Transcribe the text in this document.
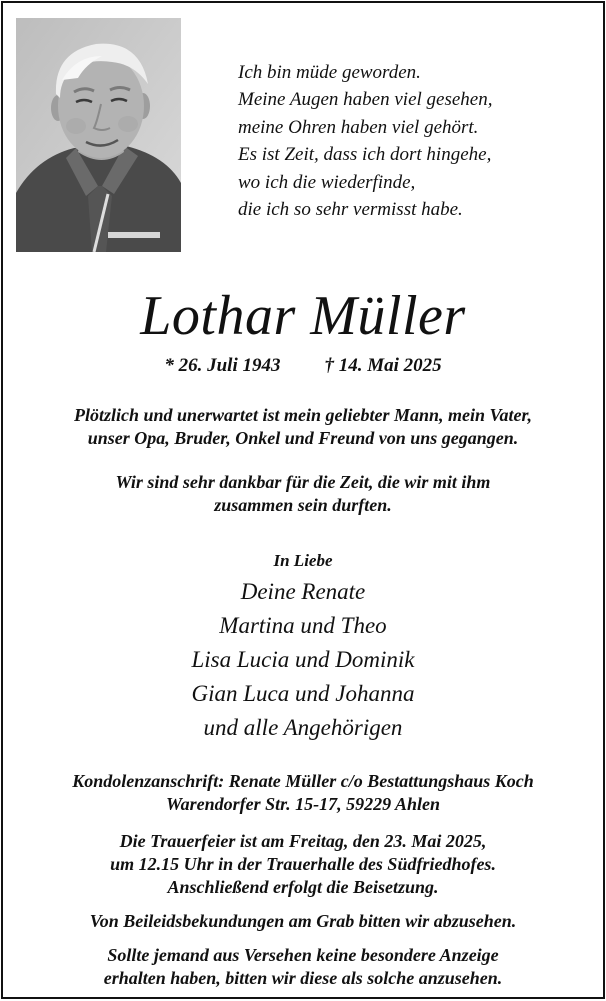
Ich bin müde geworden.
Meine Augen haben viel gesehen,
meine Ohren haben viel gehört.
Es ist Zeit, dass ich dort hingehe,
wo ich die wiederfinde,
die ich so sehr vermisst habe.
Lothar Müller
* 26. Juli 1943 † 14. Mai 2025
Plötzlich und unerwartet ist mein geliebter Mann, mein Vater,
unser Opa, Bruder, Onkel und Freund von uns gegangen.
Wir sind sehr dankbar für die Zeit, die wir mit ihm
zusammen sein durften.
In Liebe
Deine Renate
Martina und Theo
Lisa Lucia und Dominik
Gian Luca und Johanna
und alle Angehörigen
Kondolenzanschrift: Renate Müller c/o Bestattungshaus Koch
Warendorfer Str. 15-17, 59229 Ahlen
Die Trauerfeier ist am Freitag, den 23. Mai 2025,
um 12.15 Uhr in der Trauerhalle des Südfriedhofes.
Anschließend erfolgt die Beisetzung.
Von Beileidsbekundungen am Grab bitten wir abzusehen.
Sollte jemand aus Versehen keine besondere Anzeige
erhalten haben, bitten wir diese als solche anzusehen.
